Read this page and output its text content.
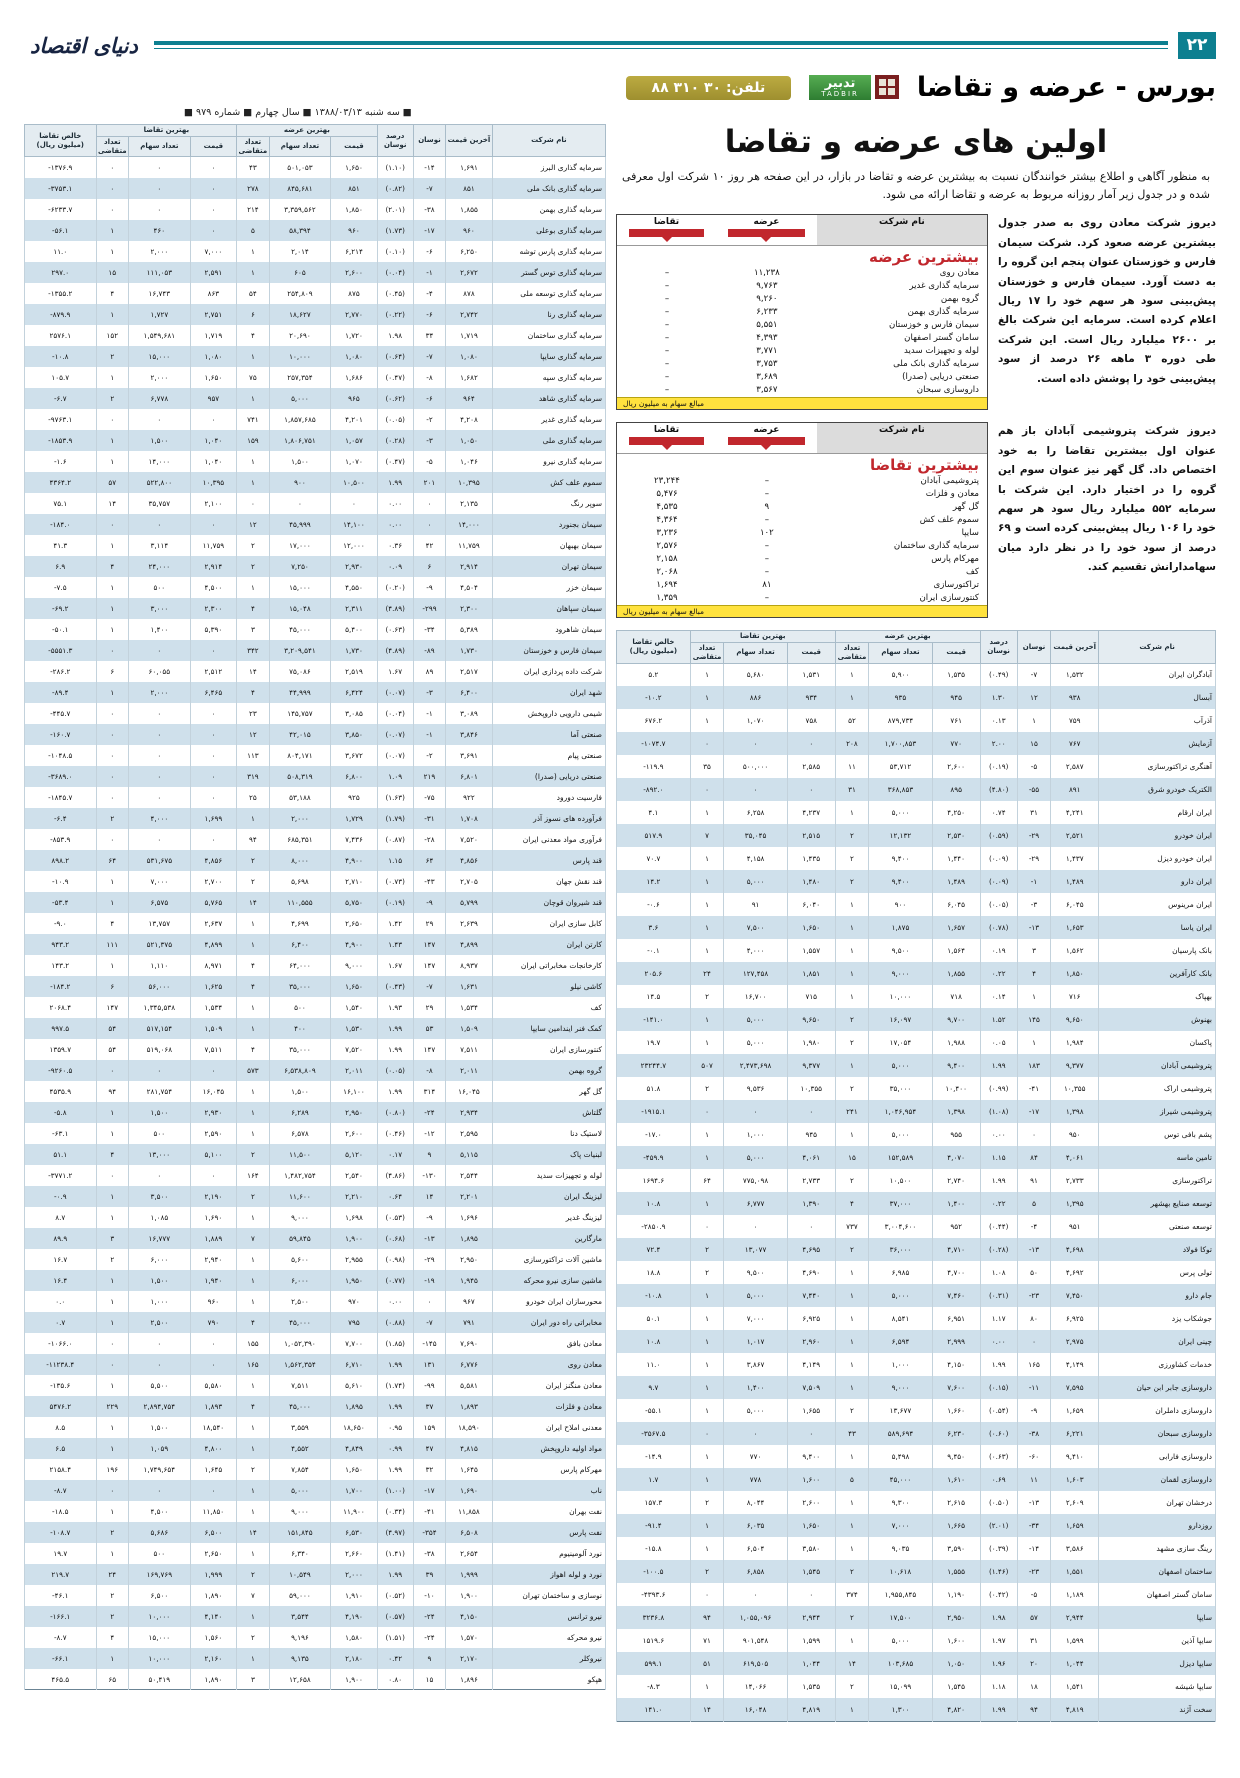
۲۲
دنیای اقتصاد
بورس - عرضه و تقاضا
تدبیر
TADBIR
تلفن: ۳۰ ۳۱۰ ۸۸
■ سه شنبه ۱۳۸۸/۰۳/۱۳ ■ سال چهارم ■ شماره ۹۷۹ ■
اولین های عرضه و تقاضا

به منظور آگاهی و اطلاع بیشتر خوانندگان نسبت به بیشترین عرضه و تقاضا در بازار، در این صفحه هر روز ۱۰ شرکت اول معرفی شده و در جدول زیر آمار روزانه مربوط به عرضه و تقاضا ارائه می شود.

دیروز شرکت معادن روی به صدر جدول بیشترین عرضه صعود کرد. شرکت سیمان فارس و خوزستان عنوان پنجم این گروه را به دست آورد. سیمان فارس و خوزستان پیش‌بینی سود هر سهم خود را ۱۷ ریال اعلام کرده است. سرمایه این شرکت بالغ بر ۲۶۰۰ میلیارد ریال است. این شرکت طی دوره ۳ ماهه ۲۶ درصد از سود پیش‌بینی خود را پوشش داده است.

نام شرکت	عرضه
	تقاضا
بیشترین عرضه
معادن روی	۱۱,۲۳۸	–
سرمایه گذاری غدیر	۹,۷۶۳	–
گروه بهمن	۹,۲۶۰	–
سرمایه گذاری بهمن	۶,۲۳۳	–
سیمان فارس و خوزستان	۵,۵۵۱	–
سامان گستر اصفهان	۴,۳۹۳	–
لوله و تجهیزات سدید	۳,۷۷۱	–
سرمایه گذاری بانک ملی	۳,۷۵۳	–
صنعتی دریایی (صدرا)	۳,۶۸۹	–
داروسازی سبحان	۳,۵۶۷	–
مبالغ سهام به میلیون ریال

دیروز شرکت پتروشیمی آبادان باز هم عنوان اول بیشترین تقاضا را به خود اختصاص داد. گل گهر نیز عنوان سوم این گروه را در اختیار دارد. این شرکت با سرمایه ۵۵۲ میلیارد ریال سود هر سهم خود را ۱۰۶ ریال پیش‌بینی کرده است و ۶۹ درصد از سود خود را در نظر دارد میان سهامدارانش تقسیم کند.

نام شرکت	عرضه
	تقاضا
بیشترین تقاضا
پتروشیمی آبادان	–	۲۳,۲۴۴
معادن و فلزات	–	۵,۴۷۶
گل گهر	۹	۴,۵۳۵
سموم علف کش	–	۴,۳۶۴
سایپا	۱۰۲	۳,۲۳۶
سرمایه گذاری ساختمان	–	۲,۵۷۶
مهرکام پارس	–	۲,۱۵۸
کف	–	۲,۰۶۸
تراکتورسازی	۸۱	۱,۶۹۴
کنتورسازی ایران	–	۱,۳۵۹
مبالغ سهام به میلیون ریال
نام شرکت	آخرین قیمت	نوسان	درصد نوسان	بهترین عرضه			بهترین تقاضا			خالص تقاضا
(میلیون ریال)
				قیمت	تعداد سهام	تعداد متقاضی	قیمت	تعداد سهام	تعداد متقاضی	
آبادگران ایران	۱,۵۳۲	-۷	(۰.۴۹)	۱,۵۳۵	۵,۹۰۰	۱	۱,۵۳۱	۵,۶۸۰	۱	۵.۲
آبسال	۹۳۸	۱۲	۱.۳۰	۹۴۵	۹۳۵	۱	۹۳۴	۸۸۶	۱	-۱۰.۲
آذرآب	۷۵۹	۱	۰.۱۳	۷۶۱	۸۷۹,۷۳۴	۵۲	۷۵۸	۱,۰۷۰	۱	۶۷۶.۲
آزمایش	۷۶۷	۱۵	۲.۰۰	۷۷۰	۱,۷۰۰,۸۵۳	۲۰۸	۰	۰	۰	-۱۰۷۴.۷
آهنگری تراکتورسازی	۲,۵۸۷	-۵	(۰.۱۹)	۲,۶۰۰	۵۳,۷۱۲	۱۱	۲,۵۸۵	۵۰۰,۰۰۰	۳۵	-۱۱۹.۹
الکتریک خودرو شرق	۸۹۱	-۵۵	(۴.۸۰)	۸۹۵	۳۶۸,۸۵۳	۳۱	۰	۰	۰	-۸۹۲.۰
ایران ارقام	۴,۲۴۱	۳۱	۰.۷۴	۴,۲۵۰	۵,۰۰۰	۱	۴,۲۳۷	۶,۲۵۸	۱	۴.۱
ایران خودرو	۲,۵۲۱	-۲۹	(۰.۵۹)	۲,۵۳۰	۱۲,۱۳۲	۲	۲,۵۱۵	۳۵,۰۴۵	۷	۵۱۷.۹
ایران خودرو دیزل	۱,۴۳۷	-۲۹	(۰.۰۹)	۱,۴۴۰	۹,۴۰۰	۲	۱,۴۳۵	۴,۱۵۸	۱	۷۰.۷
ایران دارو	۱,۴۸۹	-۱	(۰.۰۹)	۱,۴۸۹	۹,۴۰۰	۲	۱,۴۸۰	۵,۰۰۰	۱	۱۴.۲
ایران مرینوس	۶,۰۴۵	-۳	(۰.۰۵)	۶,۰۴۵	۹۰۰	۱	۶,۰۴۰	۹۱	۱	-۰.۶
ایران یاسا	۱,۶۵۳	-۱۳	(۰.۷۸)	۱,۶۵۷	۱,۸۷۵	۱	۱,۶۵۰	۷,۵۰۰	۱	۳.۶
بانک پارسیان	۱,۵۶۲	۳	۰.۱۹	۱,۵۶۴	۹,۵۰۰	۱	۱,۵۵۷	۴,۰۰۰	۱	-۰.۱
بانک کارآفرین	۱,۸۵۰	۴	۰.۲۲	۱,۸۵۵	۹,۰۰۰	۱	۱,۸۵۱	۱۲۷,۴۵۸	۲۴	۲۰۵.۶
بهپاک	۷۱۶	۱	۰.۱۴	۷۱۸	۱۰,۰۰۰	۱	۷۱۵	۱۶,۷۰۰	۲	۱۴.۵
بهنوش	۹,۶۵۰	۱۴۵	۱.۵۲	۹,۷۰۰	۱۶,۰۹۷	۲	۹,۶۵۰	۵,۰۰۰	۱	-۱۴۱.۰
پاکسان	۱,۹۸۴	۱	۰.۰۵	۱,۹۸۸	۱۷,۰۵۴	۲	۱,۹۸۰	۵,۰۰۰	۱	۱۹.۷
پتروشیمی آبادان	۹,۳۷۷	۱۸۳	۱.۹۹	۹,۴۰۰	۵,۰۰۰	۱	۹,۳۷۷	۲,۴۷۳,۶۹۸	۵۰۷	۲۳۲۴۴.۷
پتروشیمی اراک	۱۰,۳۵۵	-۴۱	(۰.۹۹)	۱۰,۴۰۰	۳۵,۰۰۰	۲	۱۰,۳۵۵	۹,۵۳۶	۲	۵۱.۸
پتروشیمی شیراز	۱,۳۹۸	-۱۷	(۱.۰۸)	۱,۳۹۸	۱,۰۴۶,۹۵۴	۲۴۱	۰	۰	۰	-۱۹۱۵.۱
پشم بافی توس	۹۵۰	۰	۰.۰۰	۹۵۵	۵,۰۰۰	۱	۹۴۵	۱,۰۰۰	۱	-۱۷.۰
تامین ماسه	۴,۰۶۱	۸۴	۱.۱۵	۴,۰۷۰	۱۵۲,۵۸۹	۱۵	۴,۰۶۱	۵,۰۰۰	۱	-۴۵۹.۹
تراکتورسازی	۲,۷۳۳	۹۱	۱.۹۹	۲,۷۴۰	۱۰,۵۰۰	۲	۲,۷۳۳	۷۷۵,۰۹۸	۶۴	۱۶۹۴.۶
توسعه صنایع بهشهر	۱,۳۹۵	۵	۰.۲۲	۱,۴۰۰	۳۷,۰۰۰	۴	۱,۳۹۰	۶,۷۷۷	۱	۱۰.۸
توسعه صنعتی	۹۵۱	-۴	(۰.۴۴)	۹۵۲	۳,۰۰۴,۶۰۰	۷۳۷	۰	۰	۰	-۲۸۵۰.۹
توکا فولاد	۴,۶۹۸	-۱۳	(۰.۲۸)	۴,۷۱۰	۳۶,۰۰۰	۲	۴,۶۹۵	۱۳,۰۷۷	۲	۷۲.۴
تولی پرس	۴,۶۹۲	۵۰	۱.۰۸	۴,۷۰۰	۶,۹۸۵	۱	۴,۶۹۰	۹,۵۰۰	۲	۱۸.۸
جام دارو	۷,۴۵۰	-۲۳	(۰.۳۱)	۷,۴۶۰	۵,۰۰۰	۱	۷,۴۴۰	۵,۰۰۰	۱	-۱۰.۸
جوشکاب یزد	۶,۹۲۵	۸۰	۱.۱۷	۶,۹۵۱	۸,۵۴۱	۱	۶,۹۲۵	۷,۰۰۰	۱	۵۰.۱
چینی ایران	۲,۹۷۵	۰	۰.۰۰	۲,۹۹۹	۶,۵۹۴	۱	۲,۹۶۰	۱,۰۱۷	۱	۱۰.۸
خدمات کشاورزی	۴,۱۴۹	۱۶۵	۱.۹۹	۴,۱۵۰	۱,۰۰۰	۱	۴,۱۴۹	۳,۸۶۷	۱	۱۱.۰
داروسازی جابر ابن حیان	۷,۵۹۵	-۱۱	(۰.۱۵)	۷,۶۰۰	۹,۰۰۰	۱	۷,۵۰۹	۱,۴۰۰	۱	۹.۷
داروسازی داملران	۱,۶۵۹	-۹	(۰.۵۴)	۱,۶۶۰	۱۳,۶۷۷	۲	۱,۶۵۵	۵,۰۰۰	۱	-۵۵.۱
داروسازی سبحان	۶,۲۲۱	-۳۸	(۰.۶۰)	۶,۲۳۰	۵۸۹,۶۹۴	۴۳	۰	۰	۰	-۳۵۶۷.۵
داروسازی فارابی	۹,۴۱۰	-۶۰	(۰.۶۳)	۹,۴۵۰	۵,۴۹۸	۱	۹,۴۰۰	۷۷۰	۱	-۱۴.۹
داروسازی لقمان	۱,۶۰۳	۱۱	۰.۶۹	۱,۶۱۰	۴۵,۰۰۰	۵	۱,۶۰۰	۷۷۸	۱	۱.۷
درخشان تهران	۲,۶۰۹	-۱۳	(۰.۵۰)	۲,۶۱۵	۹,۳۰۰	۱	۲,۶۰۰	۸,۰۴۴	۲	۱۵۷.۳
روزدارو	۱,۶۵۹	-۳۴	(۲.۰۱)	۱,۶۶۵	۷,۰۰۰	۱	۱,۶۵۰	۶,۰۳۵	۱	-۹۱.۴
رینگ سازی مشهد	۳,۵۸۶	-۱۴	(۰.۳۹)	۳,۵۹۰	۹,۰۳۵	۱	۳,۵۸۰	۶,۵۰۴	۱	-۱۵.۸
ساختمان اصفهان	۱,۵۵۱	-۲۳	(۱.۴۶)	۱,۵۵۵	۱۰,۶۱۸	۲	۱,۵۴۵	۶,۸۵۸	۲	-۱۰۰.۵
سامان گستر اصفهان	۱,۱۸۹	-۵	(۰.۴۲)	۱,۱۹۰	۱,۹۵۵,۸۴۵	۳۷۴	۰	۰	۰	-۴۳۹۳.۶
سایپا	۲,۹۴۴	۵۷	۱.۹۸	۲,۹۵۰	۱۷,۵۰۰	۲	۲,۹۴۴	۱,۰۵۵,۰۹۶	۹۴	۳۲۳۶.۸
سایپا آذین	۱,۵۹۹	۳۱	۱.۹۷	۱,۶۰۰	۵,۰۰۰	۱	۱,۵۹۹	۹۰۱,۵۴۸	۷۱	۱۵۱۹.۶
سایپا دیزل	۱,۰۴۴	۲۰	۱.۹۶	۱,۰۵۰	۱۰۳,۶۸۵	۱۴	۱,۰۴۴	۶۱۹,۵۰۵	۵۱	۵۹۹.۱
سایپا شیشه	۱,۵۴۱	۱۸	۱.۱۸	۱,۵۴۵	۱۵,۰۹۹	۲	۱,۵۳۵	۱۴,۰۶۶	۱	-۸.۳
سخت آژند	۴,۸۱۹	۹۴	۱.۹۹	۴,۸۲۰	۱,۳۰۰	۱	۴,۸۱۹	۱۶,۰۴۸	۱۴	۱۴۱.۰
نام شرکت	آخرین قیمت	نوسان	درصد نوسان	بهترین عرضه			بهترین تقاضا			خالص تقاضا
(میلیون ریال)
				قیمت	تعداد سهام	تعداد متقاضی	قیمت	تعداد سهام	تعداد متقاضی	
سرمایه گذاری البرز	۱,۶۹۱	-۱۴	(۱.۱۰)	۱,۶۵۰	۵۰۱,۰۵۳	۴۳	۰	۰	۰	-۱۳۷۶.۹
سرمایه گذاری بانک ملی	۸۵۱	-۷	(۰.۸۲)	۸۵۱	۸۴۵,۶۸۱	۲۷۸	۰	۰	۰	-۳۷۵۳.۱
سرمایه گذاری بهمن	۱,۸۵۵	-۳۸	(۲.۰۱)	۱,۸۵۰	۳,۳۵۹,۵۶۲	۲۱۴	۰	۰	۰	-۶۲۳۳.۷
سرمایه گذاری بوعلی	۹۶۰	-۱۷	(۱.۷۳)	۹۶۰	۵۸,۳۹۴	۵	۰	۴۶۰	۱	-۵۶.۱
سرمایه گذاری پارس توشه	۶,۲۵۰	-۶	(۰.۱۰)	۶,۲۱۴	۲,۰۱۴	۱	۷,۰۰۰	۲,۰۰۰	۱	۱۱.۰
سرمایه گذاری توس گستر	۲,۶۷۲	-۱	(۰.۰۴)	۲,۶۰۰	۶۰۵	۱	۲,۵۹۱	۱۱۱,۰۵۳	۱۵	۲۹۷.۰
سرمایه گذاری توسعه ملی	۸۷۸	-۴	(۰.۴۵)	۸۷۵	۲۵۴,۸۰۹	۵۴	۸۶۳	۱۶,۷۴۳	۴	-۱۳۵۵.۲
سرمایه گذاری رنا	۲,۷۴۲	-۶	(۰.۲۲)	۲,۷۷۰	۱۸,۶۲۷	۶	۲,۷۵۱	۱,۷۲۷	۱	-۸۷۹.۹
سرمایه گذاری ساختمان	۱,۷۱۹	۳۴	۱.۹۸	۱,۷۲۰	۲۰,۶۹۰	۴	۱,۷۱۹	۱,۵۴۹,۶۸۱	۱۵۲	۲۵۷۶.۱
سرمایه گذاری سایپا	۱,۰۸۰	-۷	(۰.۶۴)	۱,۰۸۰	۱۰,۰۰۰	۱	۱,۰۸۰	۱۵,۰۰۰	۲	-۱۰.۸
سرمایه گذاری سپه	۱,۶۸۲	-۸	(۰.۴۷)	۱,۶۸۶	۲۵۷,۳۵۴	۷۵	۱,۶۵۰	۲,۰۰۰	۱	۱۰۵.۷
سرمایه گذاری شاهد	۹۶۴	-۶	(۰.۶۲)	۹۶۵	۵,۰۰۰	۱	۹۵۷	۶,۷۷۸	۲	-۶.۷
سرمایه گذاری غدیر	۴,۲۰۸	-۲	(۰.۰۵)	۴,۲۰۱	۱,۸۵۷,۶۸۵	۷۴۱	۰	۰	۰	-۹۷۶۳.۱
سرمایه گذاری ملی	۱,۰۵۰	-۳	(۰.۲۸)	۱,۰۵۷	۱,۸۰۶,۷۵۱	۱۵۹	۱,۰۴۰	۱,۵۰۰	۱	-۱۸۵۳.۹
سرمایه گذاری نیرو	۱,۰۴۶	-۵	(۰.۴۷)	۱,۰۷۰	۱,۵۰۰	۱	۱,۰۴۰	۱۴,۰۰۰	۱	-۱.۶
سموم علف کش	۱۰,۳۹۵	۲۰۱	۱.۹۹	۱۰,۵۰۰	۹۰۰	۱	۱۰,۳۹۵	۵۲۲,۸۰۰	۵۷	۴۳۶۴.۲
سوپر رنگ	۲,۱۳۵	۰	۰.۰۰	۰	۰	۰	۲,۱۰۰	۳۵,۷۵۷	۱۴	۷۵.۱
سیمان بجنورد	۱۴,۰۰۰	۰	۰.۰۰	۱۴,۱۰۰	۴۵,۹۹۹	۱۲	۰	۰	۰	-۱۸۴.۰
سیمان بهبهان	۱۱,۷۵۹	۴۲	۰.۳۶	۱۲,۰۰۰	۱۷,۰۰۰	۲	۱۱,۷۵۹	۳,۱۱۴	۱	۴۱.۳
سیمان تهران	۲,۹۱۴	۶	۰.۰۹	۲,۹۳۰	۷,۲۵۰	۲	۲,۹۱۴	۲۴,۰۰۰	۴	۶.۹
سیمان خزر	۴,۵۰۴	-۹	(۰.۲۰)	۴,۵۵۰	۱۵,۰۰۰	۱	۴,۵۰۰	۵۰۰	۱	-۷.۵
سیمان سپاهان	۲,۳۰۰	-۲۹۹	(۴.۸۹)	۲,۳۱۱	۱۵,۰۴۸	۴	۲,۳۰۰	۳,۰۰۰	۱	-۶۹.۲
سیمان شاهرود	۵,۳۸۹	-۳۴	(۰.۶۳)	۵,۴۰۰	۴۵,۰۰۰	۳	۵,۳۹۰	۱,۴۰۰	۱	-۵۰.۱
سیمان فارس و خوزستان	۱,۷۳۰	-۸۹	(۴.۸۹)	۱,۷۳۰	۳,۲۰۹,۵۴۱	۳۴۲	۰	۰	۰	-۵۵۵۱.۳
شرکت داده پردازی ایران	۲,۵۱۷	۸۹	۱.۶۷	۲,۵۱۹	۷۵,۰۸۶	۱۴	۲,۵۱۲	۶۰,۰۵۵	۶	-۲۸۶.۲
شهد ایران	۶,۴۰۰	-۳	(۰.۰۷)	۶,۴۲۴	۴۴,۹۹۹	۴	۶,۴۶۵	۲,۰۰۰	۱	-۸۹.۴
شیمی دارویی داروپخش	۳,۰۸۹	-۱	(۰.۰۴)	۳,۰۸۵	۱۴۵,۷۵۷	۲۳	۰	۰	۰	-۴۴۵.۷
صنعتی آما	۳,۸۴۶	-۱	(۰.۰۷)	۳,۸۵۰	۴۲,۰۱۵	۱۲	۰	۰	۰	-۱۶۰.۷
صنعتی پیام	۳,۶۹۱	-۲	(۰.۰۷)	۳,۶۷۲	۸۰۴,۱۷۱	۱۱۳	۰	۰	۰	-۱۰۴۸.۵
صنعتی دریایی (صدرا)	۶,۸۰۱	۲۱۹	۱.۰۹	۶,۸۰۰	۵۰۸,۳۱۹	۳۱۹	۰	۰	۰	-۳۶۸۹.۰
فارسیت دورود	۹۲۲	-۷۵	(۱.۶۳)	۹۲۵	۵۳,۱۸۸	۲۵	۰	۰	۰	-۱۸۴۵.۷
فرآورده های نسوز آذر	۱,۷۰۸	-۳۱	(۱.۷۹)	۱,۷۲۹	۲,۰۰۰	۱	۱,۶۹۹	۴,۰۰۰	۲	-۶.۴
فرآوری مواد معدنی ایران	۷,۵۲۰	-۲۸	(۰.۸۷)	۷,۴۳۶	۶۸۵,۳۵۱	۹۴	۰	۰	۰	-۸۵۳.۹
قند پارس	۴,۸۵۶	۶۴	۱.۱۵	۴,۹۰۰	۸,۰۰۰	۲	۴,۸۵۶	۵۳۱,۶۷۵	۶۴	۸۹۸.۲
قند نقش جهان	۲,۷۰۵	-۴۳	(۰.۷۳)	۲,۷۱۰	۵,۶۹۸	۲	۲,۷۰۰	۷,۰۰۰	۱	-۱۰.۹
قند شیروان قوچان	۵,۷۹۹	-۹	(۰.۱۹)	۵,۷۵۰	۱۱۰,۵۵۵	۱۴	۵,۷۶۵	۶,۵۷۵	۱	-۵۳.۴
کابل سازی ایران	۲,۶۳۹	۲۹	۱.۴۲	۲,۶۵۰	۴,۶۹۹	۱	۲,۶۳۷	۱۳,۷۵۷	۴	-۹.۰
کارتن ایران	۴,۸۹۹	۱۴۷	۱.۴۳	۴,۹۰۰	۶,۴۰۰	۱	۴,۸۹۹	۵۲۱,۳۷۵	۱۱۱	۹۴۳.۲
کارخانجات مخابراتی ایران	۸,۹۳۷	۱۴۷	۱.۶۷	۹,۰۰۰	۶۴,۰۰۰	۴	۸,۹۷۱	۱,۱۱۰	۱	۱۴۳.۲
کاشی نیلو	۱,۶۳۱	-۷	(۰.۴۳)	۱,۶۵۰	۳۵,۰۰۰	۴	۱,۶۲۵	۵۶,۰۰۰	۶	-۱۸۴.۲
کف	۱,۵۳۴	۲۹	۱.۹۳	۱,۵۴۰	۵۰۰	۱	۱,۵۳۴	۱,۳۴۵,۵۳۸	۱۴۷	۲۰۶۸.۴
کمک فنر ایندامین سایپا	۱,۵۰۹	۵۳	۱.۹۹	۱,۵۳۰	۴۰۰	۱	۱,۵۰۹	۵۱۷,۱۵۴	۵۴	۹۹۷.۵
کنتورسازی ایران	۷,۵۱۱	۱۴۷	۱.۹۹	۷,۵۲۰	۳۵,۰۰۰	۴	۷,۵۱۱	۵۱۹,۰۶۸	۵۴	۱۳۵۹.۷
گروه بهمن	۲,۰۱۱	-۸	(۰.۰۵)	۲,۰۱۱	۶,۵۳۸,۸۰۹	۵۷۳	۰	۰	۰	-۹۲۶۰.۵
گل گهر	۱۶,۰۴۵	۳۱۴	۱.۹۹	۱۶,۱۰۰	۱,۵۰۰	۱	۱۶,۰۴۵	۲۸۱,۷۵۴	۹۴	۴۵۳۵.۹
گلتاش	۲,۹۳۴	-۲۴	(۰.۸۰)	۲,۹۵۰	۶,۲۸۹	۱	۲,۹۳۰	۱,۵۰۰	۱	-۵.۸
لاستیک دنا	۲,۵۹۵	-۱۲	(۰.۴۶)	۲,۶۰۰	۶,۵۷۸	۱	۲,۵۹۰	۵۰۰	۱	-۶۳.۱
لبنیات پاک	۵,۱۱۵	۹	۰.۱۷	۵,۱۲۰	۱۱,۵۰۰	۲	۵,۱۰۰	۱۳,۰۰۰	۴	۵۱.۱
لوله و تجهیزات سدید	۲,۵۴۴	-۱۳۰	(۴.۸۶)	۲,۵۴۰	۱,۴۸۲,۷۵۴	۱۶۴	۰	۰	۰	-۳۷۷۱.۲
لیزینگ ایران	۲,۲۰۱	۱۴	۰.۶۴	۲,۲۱۰	۱۱,۶۰۰	۲	۲,۱۹۰	۳,۵۰۰	۱	-۰.۹
لیزینگ غدیر	۱,۶۹۶	-۹	(۰.۵۳)	۱,۶۹۸	۹,۰۰۰	۱	۱,۶۹۰	۱,۰۸۵	۱	۸.۷
مارگارین	۱,۸۹۵	-۱۳	(۰.۶۸)	۱,۹۰۰	۵۹,۸۴۵	۷	۱,۸۸۹	۱۶,۷۷۷	۳	۸۹.۹
ماشین آلات تراکتورسازی	۲,۹۵۰	-۲۹	(۰.۹۸)	۲,۹۵۵	۵,۶۰۰	۱	۲,۹۴۰	۶,۰۰۰	۲	۱۶.۷
ماشین سازی نیرو محرکه	۱,۹۴۵	-۱۹	(۰.۷۷)	۱,۹۵۰	۶,۰۰۰	۱	۱,۹۴۰	۱,۵۰۰	۱	۱۶.۴
محورسازان ایران خودرو	۹۶۷	۰	۰.۰۰	۹۷۰	۲,۵۰۰	۱	۹۶۰	۱,۰۰۰	۱	۰.۰
مخابراتی راه دور ایران	۷۹۱	-۷	(۰.۸۸)	۷۹۵	۴۵,۰۰۰	۴	۷۹۰	۲,۵۰۰	۱	۰.۷
معادن بافق	۷,۶۹۰	-۱۴۵	(۱.۸۵)	۷,۷۰۰	۱,۰۵۲,۳۹۰	۱۵۵	۰	۰	۰	-۱۰۶۶.۰
معادن روی	۶,۷۷۶	۱۳۱	۱.۹۹	۶,۷۱۰	۱,۵۶۲,۳۵۴	۱۶۵	۰	۰	۰	-۱۱۲۳۸.۴
معادن منگنز ایران	۵,۵۸۱	-۹۹	(۱.۷۴)	۵,۶۱۰	۷,۵۱۱	۱	۵,۵۸۰	۵,۵۰۰	۱	-۱۳۵.۶
معادن و فلزات	۱,۸۹۳	۳۷	۱.۹۹	۱,۸۹۵	۴۵,۰۰۰	۴	۱,۸۹۳	۲,۸۹۴,۷۵۴	۲۲۹	۵۴۷۶.۲
معدنی املاح ایران	۱۸,۵۹۰	۱۵۹	۰.۹۵	۱۸,۶۵۰	۳,۵۵۹	۱	۱۸,۵۴۰	۱,۵۰۰	۱	۸.۵
مواد اولیه داروپخش	۴,۸۱۵	۴۷	۰.۹۹	۴,۸۴۹	۴,۵۵۲	۱	۴,۸۰۰	۱,۰۵۹	۱	۶.۵
مهرکام پارس	۱,۶۴۵	۳۲	۱.۹۹	۱,۶۵۰	۷,۸۵۴	۲	۱,۶۴۵	۱,۷۴۹,۶۵۴	۱۹۶	۲۱۵۸.۴
ناب	۱,۶۹۰	-۱۷	(۱.۰۰)	۱,۷۰۰	۵,۰۰۰	۱	۰	۰	۰	-۸.۷
نفت بهران	۱۱,۸۵۸	-۴۱	(۰.۳۴)	۱۱,۹۰۰	۹,۰۰۰	۱	۱۱,۸۵۰	۴,۵۰۰	۱	-۱۸.۵
نفت پارس	۶,۵۰۸	-۳۵۴	(۴.۹۷)	۶,۵۳۰	۱۵۱,۸۴۵	۱۴	۶,۵۰۰	۵,۶۸۶	۲	-۱۰۸.۷
نورد آلومینیوم	۲,۶۵۴	-۳۸	(۱.۴۱)	۲,۶۶۰	۶,۳۴۰	۱	۲,۶۵۰	۵۰۰	۱	۱۹.۷
نورد و لوله اهواز	۱,۹۹۹	۳۹	۱.۹۹	۲,۰۰۰	۱۰,۵۴۹	۲	۱,۹۹۹	۱۶۹,۷۶۹	۲۴	۲۱۹.۷
نوسازی و ساختمان تهران	۱,۹۰۰	-۱۰	(۰.۵۲)	۱,۹۱۰	۵۹,۰۰۰	۷	۱,۸۹۰	۶,۵۰۰	۲	-۴۶.۱
نیرو ترانس	۴,۱۵۰	-۲۴	(۰.۵۷)	۴,۱۹۰	۳,۵۴۴	۱	۴,۱۴۰	۱۰,۰۰۰	۲	-۱۶۶.۱
نیرو محرکه	۱,۵۷۰	-۲۴	(۱.۵۱)	۱,۵۸۰	۹,۱۹۶	۲	۱,۵۶۰	۱۵,۰۰۰	۴	-۸.۷
نیروکلر	۲,۱۷۰	۹	۰.۴۲	۲,۱۸۰	۹,۱۳۵	۱	۲,۱۶۰	۱۰,۰۰۰	۱	-۶۶.۱
هپکو	۱,۸۹۶	۱۵	۰.۸۰	۱,۹۰۰	۱۲,۶۵۸	۳	۱,۸۹۰	۵۰,۴۱۹	۶۵	۴۶۵.۵
